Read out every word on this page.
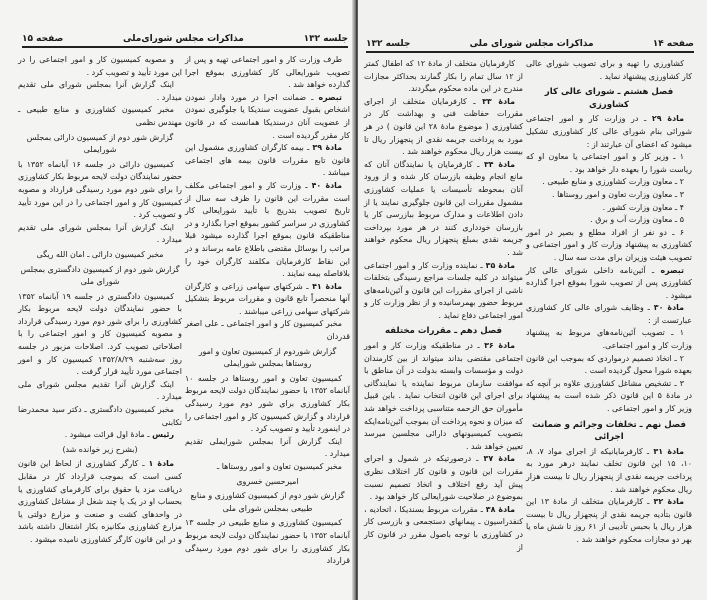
جلسه ۱۳۲
مذاکرات مجلس شورای‌ملی
صفحه ۱۵

طرف وزارت کار و امور اجتماعی تهیه و پس از تصویب شورایعالی کار کشاورزی بموقع اجرا گذارده خواهد شد .

تبصره ـ ضمانت اجرا در مورد وادار نمودن اشخاص بقبول عضویت سندیکا یا جلوگیری نمودن از عضویت آنان درسندیکا همانست که در قانون کار مقرر گردیده است .

مادهٔ ۳۹ ـ بیمه کارگران کشاورزی مشمول این قانون تابع مقررات قانون بیمه های اجتماعی میباشد .

مادهٔ ۴۰ ـ وزارت کار و امور اجتماعی مکلف است مقررات این قانون را ظرف سه سال از تاریخ تصویب بتدریج با تأیید شورایعالی کار کشاورزی در سراسر کشور بموقع اجرا بگذارد و در مناطقیکه قانون بموقع اجرا گذارده میشود قبلا مراتب را بوسائل مقتضی باطلاع عامه برساند و در این نقاط کارفرمایان مکلفند کارگران خود را بلافاصله بیمه نمایند .

مادهٔ ۴۱ ـ شرکتهای سهامی زراعی و کارگران آنها منحصراً تابع قانون و مقررات مربوط بتشکیل شرکتهای سهامی زراعی میباشند .

مخبر کمیسیون کار و امور اجتماعی ـ علی اصغر قدردان

گزارش شوردوم از کمیسیون تعاون و امور روستاها بمجلس شورایملی

کمیسیون تعاون و امور روستاها در جلسه ۱۰ آبانماه ۱۳۵۲ با حضور نمایندگان دولت لایحه مربوط بکار کشاورزی برای شور دوم مورد رسیدگی قرارداد و گزارش کمیسیون کار و امور اجتماعی را در اینمورد تأیید و تصویب کرد .

اینک گزارش آنرا بمجلس شورایملی تقدیم میدارد .

مخبر کمیسیون تعاون و امور روستاها ـ

امیرحسین خسروی

گزارش شور دوم از کمیسیون کشاورزی و منابع طبیعی بمجلس شورای ملی

کمیسیون کشاورزی و منابع طبیعی در جلسه ۱۳ آبانماه ۱۳۵۲ با حضور نمایندگان دولت لایحه مربوط بکار کشاورزی را برای شور دوم مورد رسیدگی قرارداد

و مصوبه کمیسیون کار و امور اجتماعی را در این مورد تأیید و تصویب کرد .

اینک گزارش آنرا بمجلس شورای ملی تقدیم میدارد .

مخبر کمیسیون کشاورزی و منابع طبیعی ـ مهندس نظمی

گزارش شور دوم از کمیسیون دارائی بمجلس شورایملی

کمیسیون دارائی در جلسه ۱۶ آبانماه ۱۳۵۲ با حضور نمایندگان دولت لایحه مربوط بکار کشاورزی را برای شور دوم مورد رسیدگی قرارداد و مصوبه کمیسیون کار و امور اجتماعی را در این مورد تأیید و تصویب کرد .

اینک گزارش آنرا بمجلس شورای ملی تقدیم میدارد .

مخبر کمیسیون دارائی ـ امان الله ریگی

گزارش شور دوم از کمیسیون دادگستری بمجلس شورای ملی

کمیسیون دادگستری در جلسه ۱۹ آبانماه ۱۳۵۲ با حضور نمایندگان دولت لایحه مربوط بکار کشاورزی را برای شور دوم مورد رسیدگی قرارداد و مصوبه کمیسیون کار و امور اجتماعی را با اصلاحاتی تصویب کرد. اصلاحات مزبور در جلسه روز سه‌شنبه ۱۳۵۲/۸/۲۹ کمیسیون کار و امور اجتماعی مورد تأیید قرار گرفت .

اینک گزارش آنرا تقدیم مجلس شورای ملی میدارد .

مخبر کمیسیون دادگستری ـ دکتر سید محمدرضا تکابنی

رئیس ـ مادهٔ اول قرائت میشود .

(بشرح زیر خوانده شد)

مادهٔ ۱ ـ کارگر کشاورزی از لحاظ این قانون کسی است که بموجب قرارداد کار در مقابل دریافت مزد یا حقوق برای کارفرمای کشاورزی یا بحساب او در یک یا چند شغل از مشاغل کشاورزی در واحدهای کشت و صنعت و مزارع دولتی یا مزارع کشاورزی مکانیزه بکار اشتغال داشته باشد و در این قانون کارگر کشاورزی نامیده میشود .

صفحه ۱۴
مذاکرات مجلس شورای ملی
جلسه ۱۳۲

کشاورزی را تهیه و برای تصویب شورای عالی کار کشاورزی پیشنهاد نماید .

فصل هشتم ـ شورای عالی کار کشاورزی

مادهٔ ۲۹ ـ در وزارت کار و امور اجتماعی شورائی بنام شورای عالی کار کشاورزی تشکیل میشود که اعضای آن عبارتند از :

۱ ـ وزیر کار و امور اجتماعی یا معاون او که ریاست شورا را بعهده دار خواهد بود .

۲ ـ معاون وزارت کشاورزی و منابع طبیعی .

۳ ـ معاون وزارت تعاون و امور روستاها .

۴ ـ معاون وزارت کشور .

۵ ـ معاون وزارت آب و برق .

۶ ـ دو نفر از افراد مطلع و بصیر در امور کشاورزی به پیشنهاد وزارت کار و امور اجتماعی و تصویب هیئت وزیران برای مدت سه سال .

تبصره ـ آئین‌نامه داخلی شورای عالی کار کشاورزی پس از تصویب شورا بموقع اجرا گذارده میشود .

مادهٔ ۳۰ ـ وظایف شورای عالی کار کشاورزی عبارتست از :

۱ ـ تصویب آئین‌نامه‌های مربوط به پیشنهاد وزارت کار و امور اجتماعی.

۲ ـ اتخاذ تصمیم درمواردی که بموجب این قانون بعهده شورا محول گردیده است .

۳ ـ تشخیص مشاغل کشاورزی علاوه بر آنچه که در مادهٔ ۵ این قانون ذکر شده است به پیشنهاد وزیر کار و امور اجتماعی .

فصل نهم ـ تخلفات وجرائم و ضمانت اجرائی

مادهٔ ۳۱ ـ کارفرمایانیکه از اجرای مواد ۷، ۸، ۱۰، ۱۵ این قانون تخلف نمایند درهر مورد به پرداخت جریمه نقدی از پنجهزار ریال تا بیست هزار ریال محکوم خواهند شد .

مادهٔ ۳۲ ـ کارفرمایان متخلف از مادهٔ ۱۳ این قانون بتأدیه جریمه نقدی از پنجهزار ریال تا بیست هزار ریال یا بحبس تأدیبی از ۶۱ روز تا شش ماه یا بهر دو مجازات محکوم خواهند شد .

کارفرمایان متخلف از مادهٔ ۱۲ که اطفال کمتر از ۱۲ سال تمام را بکار گمارند بحداکثر مجازات مندرج در این ماده محکوم میگردند.

مادهٔ ۳۳ ـ کارفرمایان متخلف از اجرای مقررات حفاظت فنی و بهداشت کار در کشاورزی ( موضوع مادهٔ ۲۸ این قانون ) در هر مورد به پرداخت جریمه نقدی از پنجهزار ریال تا بیست هزار ریال محکوم خواهند شد .

مادهٔ ۳۴ ـ کارفرمایان یا نمایندگان آنان که مانع انجام وظیفه بازرسان کار شده و از ورود آنان بمحوطه تأسیسات یا عملیات کشاورزی مشمول مقررات این قانون جلوگیری نمایند یا از دادن اطلاعات و مدارک مربوط ببازرسی کار یا بازرسان خودداری کنند در هر مورد بپرداخت جریمه نقدی بمبلغ پنجهزار ریال محکوم خواهند شد .

مادهٔ ۳۵ ـ نماینده وزارت کار و امور اجتماعی میتواند در کلیه جلسات مراجع رسیدگی بتخلفات ناشی از اجرای مقررات این قانون و آئین‌نامه‌های مربوط حضور بهمرسانیده و از نظر وزارت کار و امور اجتماعی دفاع نماید .

فصل دهم ـ مقررات مختلفه

مادهٔ ۳۶ ـ در مناطقیکه وزارت کار و امور اجتماعی مقتضی بداند میتواند از بین کارمندان دولت و مؤسسات وابسته بدولت در آن مناطق با موافقت سازمان مربوط نماینده یا نمایندگانی برای اجرای این قانون انتخاب نماید . باین قبیل مأموران حق الزحمه متناسبی پرداخت خواهد شد که میزان و نحوه پرداخت آن بموجب آئین‌نامه‌ایکه بتصویب کمیسیونهای دارائی مجلسین میرسد تعیین خواهد شد .

مادهٔ ۳۷ ـ درصورتیکه در شمول و اجرای مقررات این قانون و قانون کار اختلاف نظری پیش آید رفع اختلاف و اتخاذ تصمیم نسبت بموضوع در صلاحیت شورایعالی کار خواهد بود .

مادهٔ ۳۸ ـ مقررات مربوط بسندیکا ، اتحادیه ، کنفدراسیون ـ پیمانهای دستجمعی و بازرسی کار در کشاورزی با توجه باصول مقرر در قانون کار از
